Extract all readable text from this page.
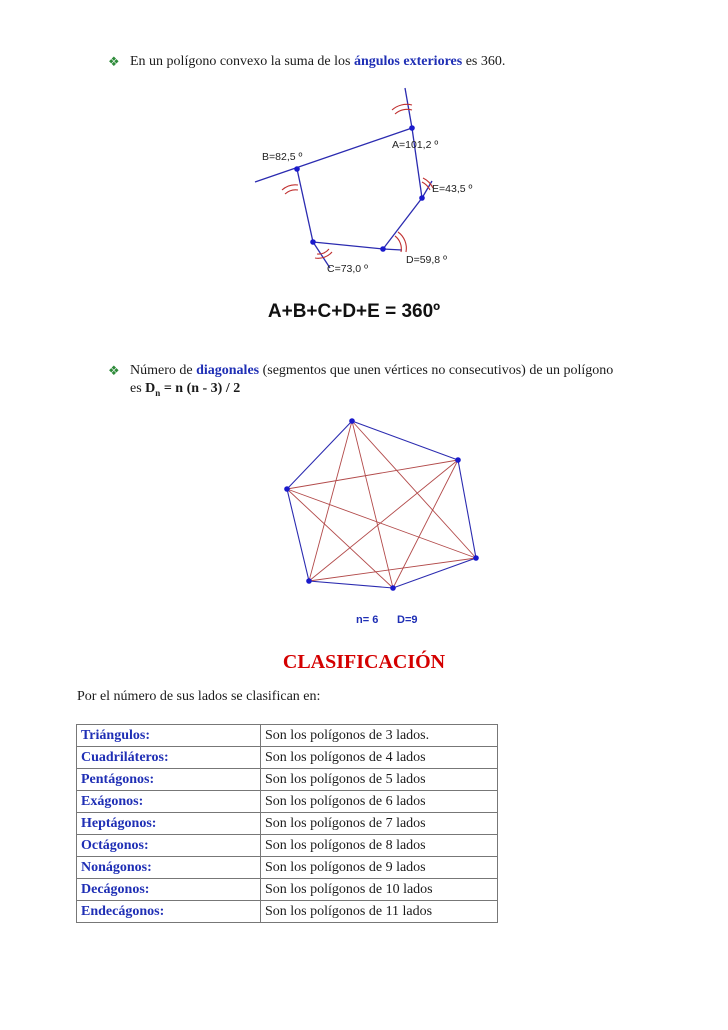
❖ En un polígono convexo la suma de los ángulos exteriores es 360.
A=101,2 º
B=82,5 º
C=73,0 º
D=59,8 º
E=43,5 º
A+B+C+D+E = 360º
❖ Número de diagonales (segmentos que unen vértices no consecutivos) de un polígono
es $D_n = n$ (n - 3) / 2
n= 6 D=9
CLASIFICACIÓN
Por el número de sus lados se clasifican en:
Triángulos:	Son los polígonos de 3 lados.
Cuadriláteros:	Son los polígonos de 4 lados
Pentágonos:	Son los polígonos de 5 lados
Exágonos:	Son los polígonos de 6 lados
Heptágonos:	Son los polígonos de 7 lados
Octágonos:	Son los polígonos de 8 lados
Nonágonos:	Son los polígonos de 9 lados
Decágonos:	Son los polígonos de 10 lados
Endecágonos:	Son los polígonos de 11 lados
